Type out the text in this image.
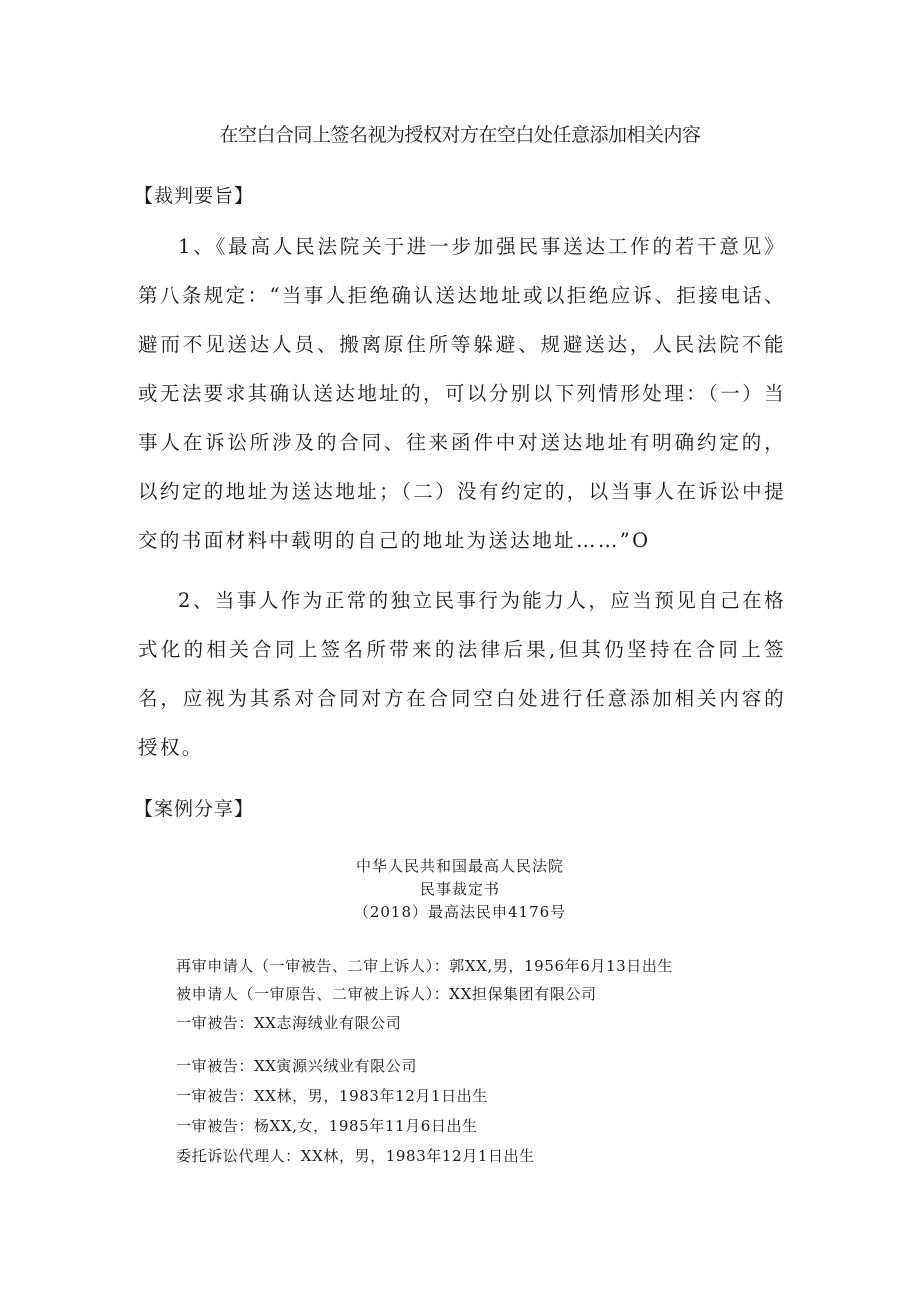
在空白合同上签名视为授权对方在空白处任意添加相关内容
【裁判要旨】

1、《最高人民法院关于进一步加强民事送达工作的若干意见》第八条规定：“当事人拒绝确认送达地址或以拒绝应诉、拒接电话、避而不见送达人员、搬离原住所等躲避、规避送达，人民法院不能或无法要求其确认送达地址的，可以分别以下列情形处理：（一）当事人在诉讼所涉及的合同、往来函件中对送达地址有明确约定的，以约定的地址为送达地址；（二）没有约定的，以当事人在诉讼中提交的书面材料中载明的自己的地址为送达地址……”O

2、当事人作为正常的独立民事行为能力人，应当预见自己在格式化的相关合同上签名所带来的法律后果,但其仍坚持在合同上签名，应视为其系对合同对方在合同空白处进行任意添加相关内容的授权。

【案例分享】
中华人民共和国最高人民法院
民事裁定书
（2018）最高法民申4176号
再审申请人（一审被告、二审上诉人）：郭XX,男，1956年6月13日出生
被申请人（一审原告、二审被上诉人）：XX担保集团有限公司
一审被告：XX志海绒业有限公司
一审被告：XX寅源兴绒业有限公司
一审被告：XX林，男，1983年12月1日出生
一审被告：杨XX,女，1985年11月6日出生
委托诉讼代理人：XX林，男，1983年12月1日出生
